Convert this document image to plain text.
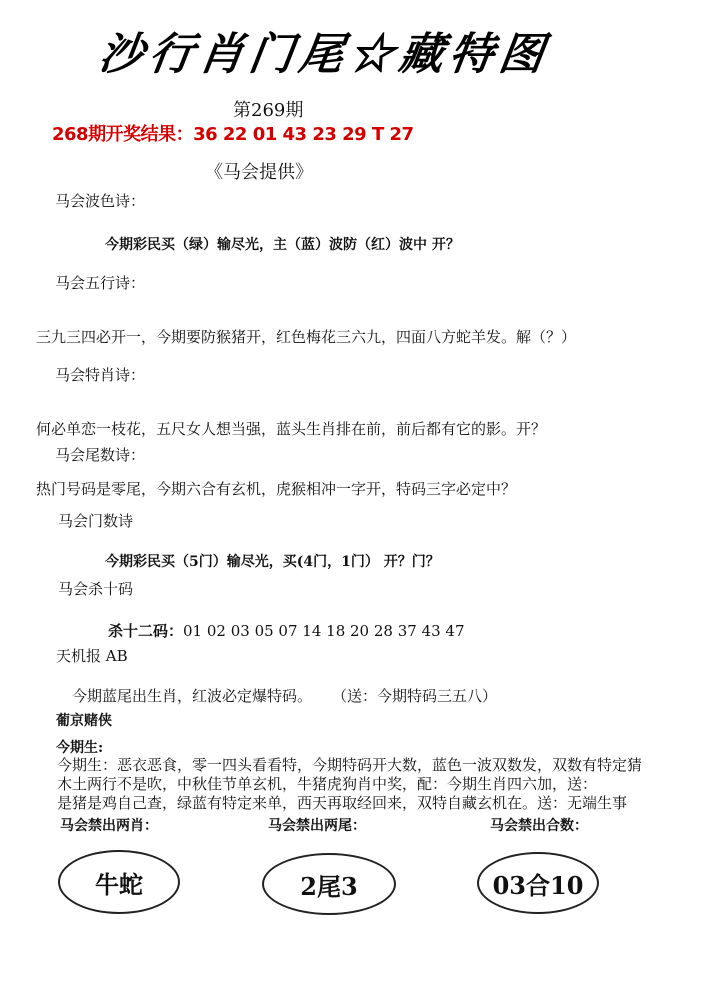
沙行肖门尾☆藏特图
第269期
268期开奖结果：36 22 01 43 23 29 T 27
《马会提供》
马会波色诗：
今期彩民买（绿）输尽光，主（蓝）波防（红）波中 开？
马会五行诗：
三九三四必开一，今期要防猴猪开，红色梅花三六九，四面八方蛇羊发。解（？）
马会特肖诗：
何必单恋一枝花，五尺女人想当强，蓝头生肖排在前，前后都有它的影。开？
马会尾数诗：
热门号码是零尾，今期六合有玄机，虎猴相冲一字开，特码三字必定中？
马会门数诗
今期彩民买（5门）输尽光，买(4门，1门） 开？门？
马会杀十码
杀十二码：01 02 03 05 07 14 18 20 28 37 43 47
天机报 AB
今期蓝尾出生肖，红波必定爆特码。 （送：今期特码三五八）
葡京赌侠
今期生:
今期生：恶衣恶食，零一四头看看特，今期特码开大数，蓝色一波双数发，双数有特定猜
木土两行不是吹，中秋佳节单玄机，牛猪虎狗肖中奖，配：今期生肖四六加，送：
是猪是鸡自己查，绿蓝有特定来单，西天再取经回来，双特自藏玄机在。送：无端生事
马会禁出两肖：	马会禁出两尾：	马会禁出合数：
牛蛇	2尾3	03合10
